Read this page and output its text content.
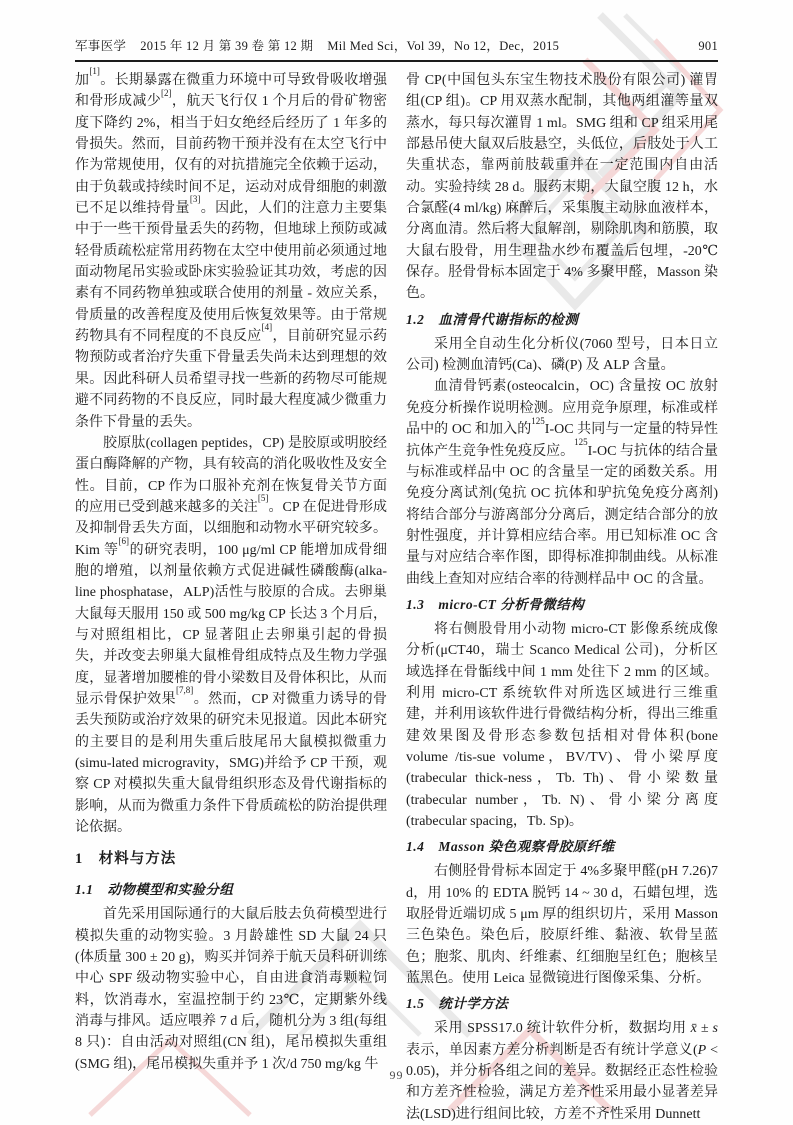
军事医学 2015 年 12 月 第 39 卷 第 12 期 Mil Med Sci，Vol 39，No 12，Dec，2015	901

加[1]。长期暴露在微重力环境中可导致骨吸收增强和骨形成减少[2]，航天飞行仅 1 个月后的骨矿物密度下降约 2%，相当于妇女绝经后经历了 1 年多的骨损失。然而，目前药物干预并没有在太空飞行中作为常规使用，仅有的对抗措施完全依赖于运动，由于负载或持续时间不足，运动对成骨细胞的刺激已不足以维持骨量[3]。因此，人们的注意力主要集中于一些干预骨量丢失的药物，但地球上预防或减轻骨质疏松症常用药物在太空中使用前必须通过地面动物尾吊实验或卧床实验验证其功效，考虑的因素有不同药物单独或联合使用的剂量 - 效应关系，骨质量的改善程度及使用后恢复效果等。由于常规药物具有不同程度的不良反应[4]，目前研究显示药物预防或者治疗失重下骨量丢失尚未达到理想的效果。因此科研人员希望寻找一些新的药物尽可能规避不同药物的不良反应，同时最大程度减少微重力条件下骨量的丢失。

胶原肽(collagen peptides，CP) 是胶原或明胶经蛋白酶降解的产物，具有较高的消化吸收性及安全性。目前，CP 作为口服补充剂在恢复骨关节方面的应用已受到越来越多的关注[5]。CP 在促进骨形成及抑制骨丢失方面，以细胞和动物水平研究较多。Kim 等[6]的研究表明，100 μg/ml CP 能增加成骨细胞的增殖，以剂量依赖方式促进碱性磷酸酶(alka-line phosphatase，ALP)活性与胶原的合成。去卵巢大鼠每天服用 150 或 500 mg/kg CP 长达 3 个月后，与对照组相比，CP 显著阻止去卵巢引起的骨损失，并改变去卵巢大鼠椎骨组成特点及生物力学强度，显著增加腰椎的骨小梁数目及骨体积比，从而显示骨保护效果[7,8]。然而，CP 对微重力诱导的骨丢失预防或治疗效果的研究未见报道。因此本研究的主要目的是利用失重后肢尾吊大鼠模拟微重力(simu-lated microgravity，SMG)并给予 CP 干预，观察 CP 对模拟失重大鼠骨组织形态及骨代谢指标的影响，从而为微重力条件下骨质疏松的防治提供理论依据。

1　材料与方法
1.1　动物模型和实验分组

首先采用国际通行的大鼠后肢去负荷模型进行模拟失重的动物实验。3 月龄雄性 SD 大鼠 24 只(体质量 300 ± 20 g)，购买并饲养于航天员科研训练中心 SPF 级动物实验中心，自由进食消毒颗粒饲料，饮消毒水，室温控制于约 23℃，定期紫外线消毒与排风。适应喂养 7 d 后，随机分为 3 组(每组 8 只)：自由活动对照组(CN 组)，尾吊模拟失重组(SMG 组)，尾吊模拟失重并予 1 次/d 750 mg/kg 牛

骨 CP(中国包头东宝生物技术股份有限公司) 灌胃组(CP 组)。CP 用双蒸水配制，其他两组灌等量双蒸水，每只每次灌胃 1 ml。SMG 组和 CP 组采用尾部悬吊使大鼠双后肢悬空，头低位，后肢处于人工失重状态，靠两前肢载重并在一定范围内自由活动。实验持续 28 d。服药末期，大鼠空腹 12 h，水合氯醛(4 ml/kg) 麻醉后，采集腹主动脉血液样本，分离血清。然后将大鼠解剖，剔除肌肉和筋膜，取大鼠右股骨，用生理盐水纱布覆盖后包埋，-20℃保存。胫骨骨标本固定于 4% 多聚甲醛，Masson 染色。

1.2　血清骨代谢指标的检测

采用全自动生化分析仪(7060 型号，日本日立公司) 检测血清钙(Ca)、磷(P) 及 ALP 含量。

血清骨钙素(osteocalcin，OC) 含量按 OC 放射免疫分析操作说明检测。应用竞争原理，标准或样品中的 OC 和加入的$^{125}$I-OC 共同与一定量的特异性抗体产生竞争性免疫反应。$^{125}$I-OC 与抗体的结合量与标准或样品中 OC 的含量呈一定的函数关系。用免疫分离试剂(兔抗 OC 抗体和驴抗兔免疫分离剂)将结合部分与游离部分分离后，测定结合部分的放射性强度，并计算相应结合率。用已知标准 OC 含量与对应结合率作图，即得标准抑制曲线。从标准曲线上查知对应结合率的待测样品中 OC 的含量。

1.3　micro-CT 分析骨微结构

将右侧股骨用小动物 micro-CT 影像系统成像分析(μCT40，瑞士 Scanco Medical 公司)，分析区域选择在骨骺线中间 1 mm 处往下 2 mm 的区域。利用 micro-CT 系统软件对所选区域进行三维重建，并利用该软件进行骨微结构分析，得出三维重建效果图及骨形态参数包括相对骨体积(bone volume /tis-sue volume，BV/TV)、骨小梁厚度(trabecular thick-ness，Tb. Th)、骨小梁数量(trabecular number，Tb. N)、骨小梁分离度(trabecular spacing，Tb. Sp)。

1.4　Masson 染色观察骨胶原纤维

右侧胫骨骨标本固定于 4%多聚甲醛(pH 7.26)7 d，用 10% 的 EDTA 脱钙 14 ~ 30 d，石蜡包埋，选取胫骨近端切成 5 μm 厚的组织切片，采用 Masson 三色染色。染色后，胶原纤维、黏液、软骨呈蓝色；胞浆、肌肉、纤维素、红细胞呈红色；胞核呈蓝黑色。使用 Leica 显微镜进行图像采集、分析。

1.5　统计学方法

采用 SPSS17.0 统计软件分析，数据均用 x̄ ± s 表示，单因素方差分析判断是否有统计学意义(P < 0.05)，并分析各组之间的差异。数据经正态性检验和方差齐性检验，满足方差齐性采用最小显著差异法(LSD)进行组间比较，方差不齐性采用 Dunnett

99
